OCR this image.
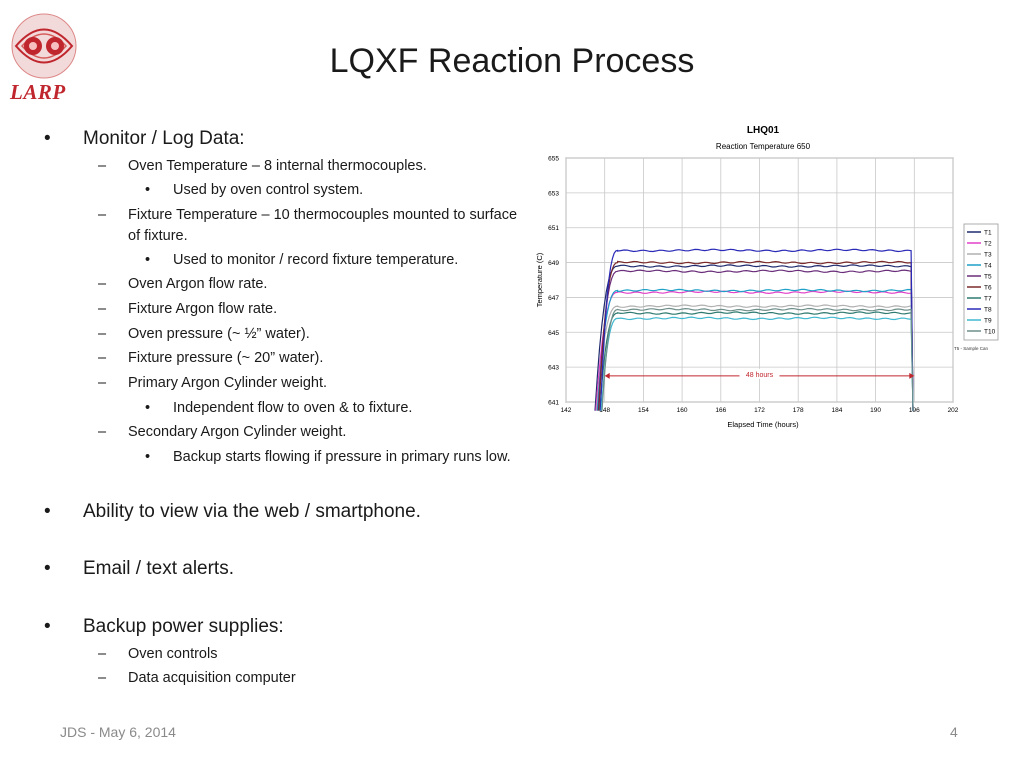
LARP
LQXF Reaction Process
• Monitor / Log Data:
– Oven Temperature – 8 internal thermocouples.
• Used by oven control system.
– Fixture Temperature – 10 thermocouples mounted to surface
of fixture.
• Used to monitor / record fixture temperature.
– Oven Argon flow rate.
– Fixture Argon flow rate.
– Oven pressure (~ ½” water).
– Fixture pressure (~ 20” water).
– Primary Argon Cylinder weight.
• Independent flow to oven & to fixture.
– Secondary Argon Cylinder weight.
• Backup starts flowing if pressure in primary runs low.
• Ability to view via the web / smartphone.
• Email / text alerts.
• Backup power supplies:
– Oven controls
– Data acquisition computer
LHQ01
Reaction Temperature 650
142	148	154	160	166	172	178	184	190	196	202
641
643
645
647
649
651
653
655
Elapsed Time (hours)
Temperature (C)
48 hours
T1
T2
T3
T4
T5
T6
T7
T8
T9
T10
T5 - Sample Can
JDS - May 6, 2014	4
